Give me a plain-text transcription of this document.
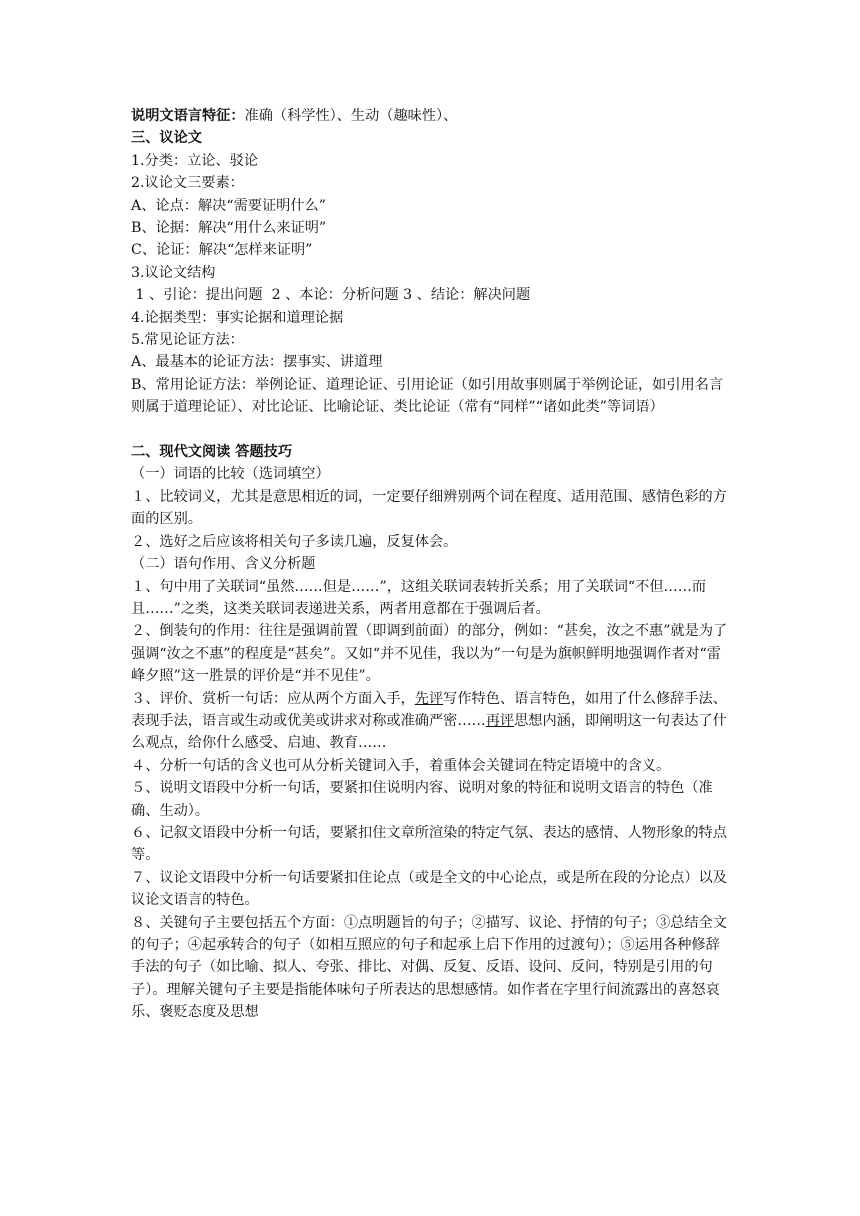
说明文语言特征：准确（科学性）、生动（趣味性）、

三、议论文

1.分类：立论、驳论

2.议论文三要素：

A、论点：解决“需要证明什么”

B、论据：解决“用什么来证明”

C、论证：解决“怎样来证明”

3.议论文结构

1 、引论：提出问题  2 、本论：分析问题 3 、结论：解决问题

4.论据类型：事实论据和道理论据

5.常见论证方法：

A、最基本的论证方法：摆事实、讲道理

B、常用论证方法：举例论证、道理论证、引用论证（如引用故事则属于举例论证，如引用名言则属于道理论证）、对比论证、比喻论证、类比论证（常有“同样”“诸如此类”等词语）

二、现代文阅读 答题技巧

（一）词语的比较（选词填空）

１、比较词义，尤其是意思相近的词，一定要仔细辨别两个词在程度、适用范围、感情色彩的方面的区别。

２、选好之后应该将相关句子多读几遍，反复体会。

（二）语句作用、含义分析题

１、句中用了关联词“虽然……但是……”，这组关联词表转折关系；用了关联词“不但……而且……”之类，这类关联词表递进关系，两者用意都在于强调后者。

２、倒装句的作用：往往是强调前置（即调到前面）的部分，例如：“甚矣，汝之不惠”就是为了强调“汝之不惠”的程度是“甚矣”。又如“并不见佳，我以为”一句是为旗帜鲜明地强调作者对“雷峰夕照”这一胜景的评价是“并不见佳”。

３、评价、赏析一句话：应从两个方面入手，先评写作特色、语言特色，如用了什么修辞手法、表现手法，语言或生动或优美或讲求对称或准确严密……再评思想内涵，即阐明这一句表达了什么观点，给你什么感受、启迪、教育……

４、分析一句话的含义也可从分析关键词入手，着重体会关键词在特定语境中的含义。

５、说明文语段中分析一句话，要紧扣住说明内容、说明对象的特征和说明文语言的特色（准确、生动）。

６、记叙文语段中分析一句话，要紧扣住文章所渲染的特定气氛、表达的感情、人物形象的特点等。

７、议论文语段中分析一句话要紧扣住论点（或是全文的中心论点，或是所在段的分论点）以及议论文语言的特色。

８、关键句子主要包括五个方面：①点明题旨的句子；②描写、议论、抒情的句子；③总结全文的句子；④起承转合的句子（如相互照应的句子和起承上启下作用的过渡句）；⑤运用各种修辞手法的句子（如比喻、拟人、夸张、排比、对偶、反复、反语、设问、反问，特别是引用的句子）。理解关键句子主要是指能体味句子所表达的思想感情。如作者在字里行间流露出的喜怒哀乐、褒贬态度及思想
